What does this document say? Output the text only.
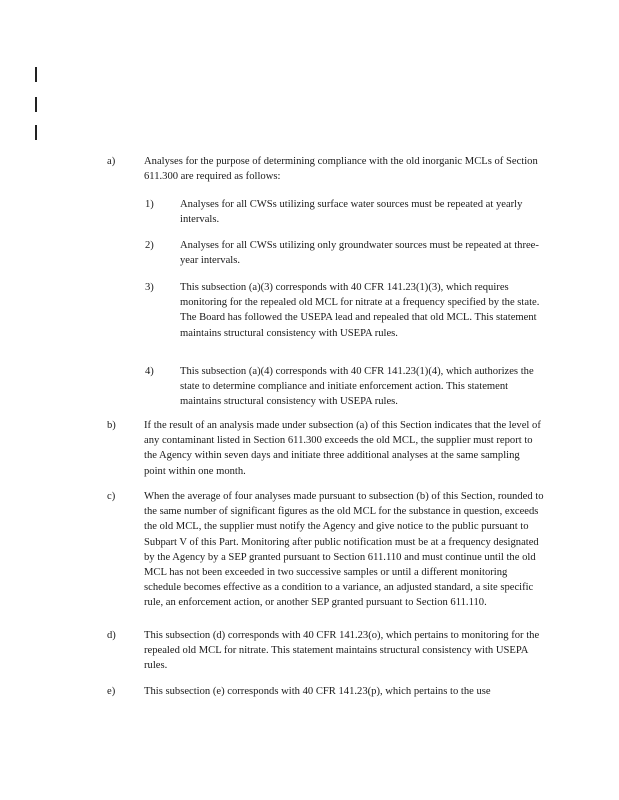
a)	Analyses for the purpose of determining compliance with the old inorganic MCLs of Section 611.300 are required as follows:
1) Analyses for all CWSs utilizing surface water sources must be repeated at yearly intervals.
2) Analyses for all CWSs utilizing only groundwater sources must be repeated at three-year intervals.
3) This subsection (a)(3) corresponds with 40 CFR 141.23(1)(3), which requires monitoring for the repealed old MCL for nitrate at a frequency specified by the state. The Board has followed the USEPA lead and repealed that old MCL. This statement maintains structural consistency with USEPA rules.
4) This subsection (a)(4) corresponds with 40 CFR 141.23(1)(4), which authorizes the state to determine compliance and initiate enforcement action. This statement maintains structural consistency with USEPA rules.
b)	If the result of an analysis made under subsection (a) of this Section indicates that the level of any contaminant listed in Section 611.300 exceeds the old MCL, the supplier must report to the Agency within seven days and initiate three additional analyses at the same sampling point within one month.
c)	When the average of four analyses made pursuant to subsection (b) of this Section, rounded to the same number of significant figures as the old MCL for the substance in question, exceeds the old MCL, the supplier must notify the Agency and give notice to the public pursuant to Subpart V of this Part. Monitoring after public notification must be at a frequency designated by the Agency by a SEP granted pursuant to Section 611.110 and must continue until the old MCL has not been exceeded in two successive samples or until a different monitoring schedule becomes effective as a condition to a variance, an adjusted standard, a site specific rule, an enforcement action, or another SEP granted pursuant to Section 611.110.
d)	This subsection (d) corresponds with 40 CFR 141.23(o), which pertains to monitoring for the repealed old MCL for nitrate. This statement maintains structural consistency with USEPA rules.
e)	This subsection (e) corresponds with 40 CFR 141.23(p), which pertains to the use
